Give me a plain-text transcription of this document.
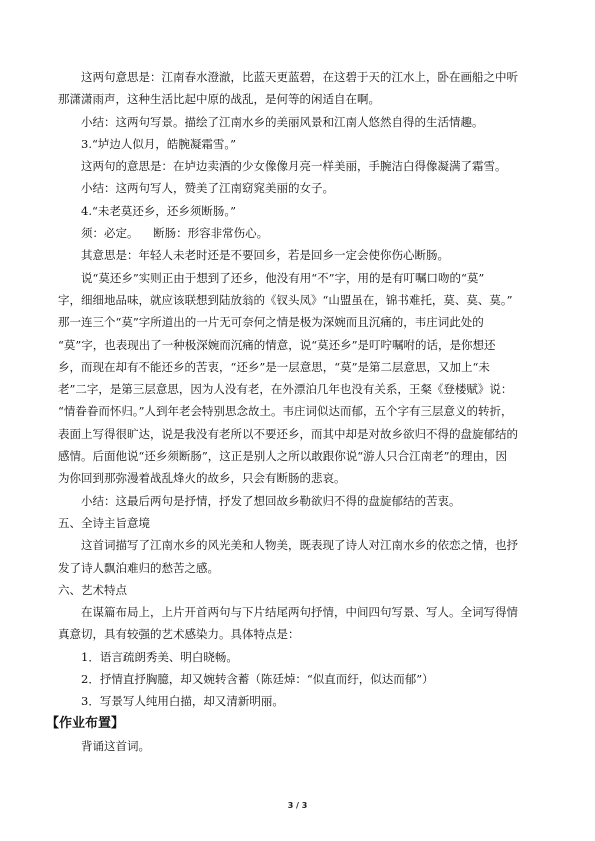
这两句意思是：江南春水澄澈，比蓝天更蓝碧，在这碧于天的江水上，卧在画船之中听
那潇潇雨声，这种生活比起中原的战乱，是何等的闲适自在啊。
小结：这两句写景。描绘了江南水乡的美丽风景和江南人悠然自得的生活情趣。
3.“垆边人似月，皓腕凝霜雪。”
这两句的意思是：在垆边卖酒的少女像像月亮一样美丽，手腕洁白得像凝满了霜雪。
小结：这两句写人，赞美了江南窈窕美丽的女子。
4.“未老莫还乡，还乡须断肠。”
须：必定。    断肠：形容非常伤心。
其意思是：年轻人未老时还是不要回乡，若是回乡一定会使你伤心断肠。
说“莫还乡”实则正由于想到了还乡，他没有用“不”字，用的是有叮嘱口吻的“莫”
字，细细地品味，就应该联想到陆放翁的《钗头凤》“山盟虽在，锦书难托，莫、莫、莫。”
那一连三个“莫”字所道出的一片无可奈何之情是极为深婉而且沉痛的，韦庄词此处的
“莫”字，也表现出了一种极深婉而沉痛的情意，说“莫还乡”是叮咛嘱咐的话，是你想还
乡，而现在却有不能还乡的苦衷，“还乡”是一层意思，“莫”是第二层意思，又加上“未
老”二字，是第三层意思，因为人没有老，在外漂泊几年也没有关系，王粲《登楼赋》说：
“情眷眷而怀归。”人到年老会特别思念故土。韦庄词似达而郁，五个字有三层意义的转折，
表面上写得很旷达，说是我没有老所以不要还乡，而其中却是对故乡欲归不得的盘旋郁结的
感情。后面他说“还乡须断肠”，这正是别人之所以敢跟你说“游人只合江南老”的理由，因
为你回到那弥漫着战乱烽火的故乡，只会有断肠的悲哀。
小结：这最后两句是抒情，抒发了想回故乡勒欲归不得的盘旋郁结的苦衷。
五、全诗主旨意境
这首词描写了江南水乡的风光美和人物美，既表现了诗人对江南水乡的依恋之情，也抒
发了诗人飘泊难归的愁苦之感。
六、艺术特点
在谋篇布局上，上片开首两句与下片结尾两句抒情，中间四句写景、写人。全词写得情
真意切，具有较强的艺术感染力。具体特点是：
1．语言疏朗秀美、明白晓畅。
2．抒情直抒胸臆，却又婉转含蓄（陈廷焯：“似直而纡，似达而郁”）
3．写景写人纯用白描，却又清新明丽。
【作业布置】
背诵这首词。
3 / 3
